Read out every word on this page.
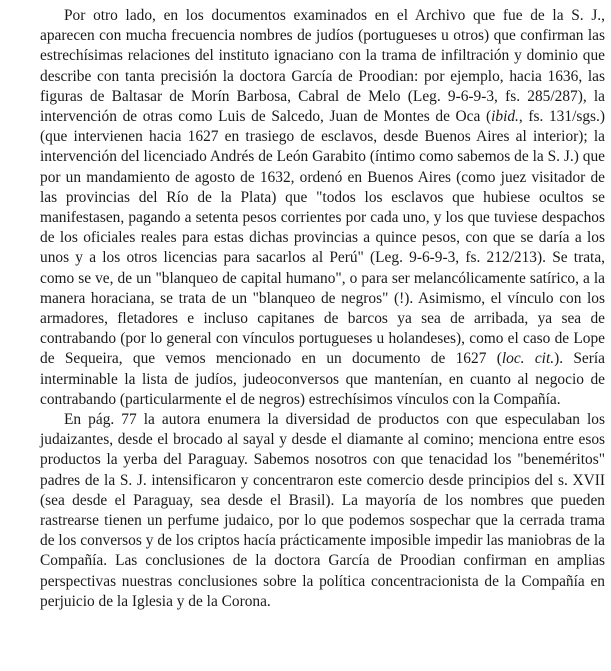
Por otro lado, en los documentos examinados en el Archivo que fue de la S. J., aparecen con mucha frecuencia nombres de judíos (portugueses u otros) que confirman las estrechísimas relaciones del instituto ignaciano con la trama de infiltración y dominio que describe con tanta precisión la doctora García de Proodian: por ejemplo, hacia 1636, las figuras de Baltasar de Morín Barbosa, Cabral de Melo (Leg. 9-6-9-3, fs. 285/287), la intervención de otras como Luis de Salcedo, Juan de Montes de Oca (ibid., fs. 131/sgs.) (que intervienen hacia 1627 en trasiego de esclavos, desde Buenos Aires al interior); la intervención del licenciado Andrés de León Garabito (íntimo como sabemos de la S. J.) que por un mandamiento de agosto de 1632, ordenó en Buenos Aires (como juez visitador de las provincias del Río de la Plata) que "todos los esclavos que hubiese ocultos se manifestasen, pagando a setenta pesos corrientes por cada uno, y los que tuviese despachos de los oficiales reales para estas dichas provincias a quince pesos, con que se daría a los unos y a los otros licencias para sacarlos al Perú" (Leg. 9-6-9-3, fs. 212/213). Se trata, como se ve, de un "blanqueo de capital humano", o para ser melancólicamente satírico, a la manera horaciana, se trata de un "blanqueo de negros" (!). Asimismo, el vínculo con los armadores, fletadores e incluso capitanes de barcos ya sea de arribada, ya sea de contrabando (por lo general con vínculos portugueses u holandeses), como el caso de Lope de Sequeira, que vemos mencionado en un documento de 1627 (loc. cit.). Sería interminable la lista de judíos, judeoconversos que mantenían, en cuanto al negocio de contrabando (particularmente el de negros) estrechísimos vínculos con la Compañía.

En pág. 77 la autora enumera la diversidad de productos con que especulaban los judaizantes, desde el brocado al sayal y desde el diamante al comino; menciona entre esos productos la yerba del Paraguay. Sabemos nosotros con que tenacidad los "beneméritos" padres de la S. J. intensificaron y concentraron este comercio desde principios del s. XVII (sea desde el Paraguay, sea desde el Brasil). La mayoría de los nombres que pueden rastrearse tienen un perfume judaico, por lo que podemos sospechar que la cerrada trama de los conversos y de los criptos hacía prácticamente imposible impedir las maniobras de la Compañía. Las conclusiones de la doctora García de Proodian confirman en amplias perspectivas nuestras conclusiones sobre la política concentracionista de la Compañía en perjuicio de la Iglesia y de la Corona.
